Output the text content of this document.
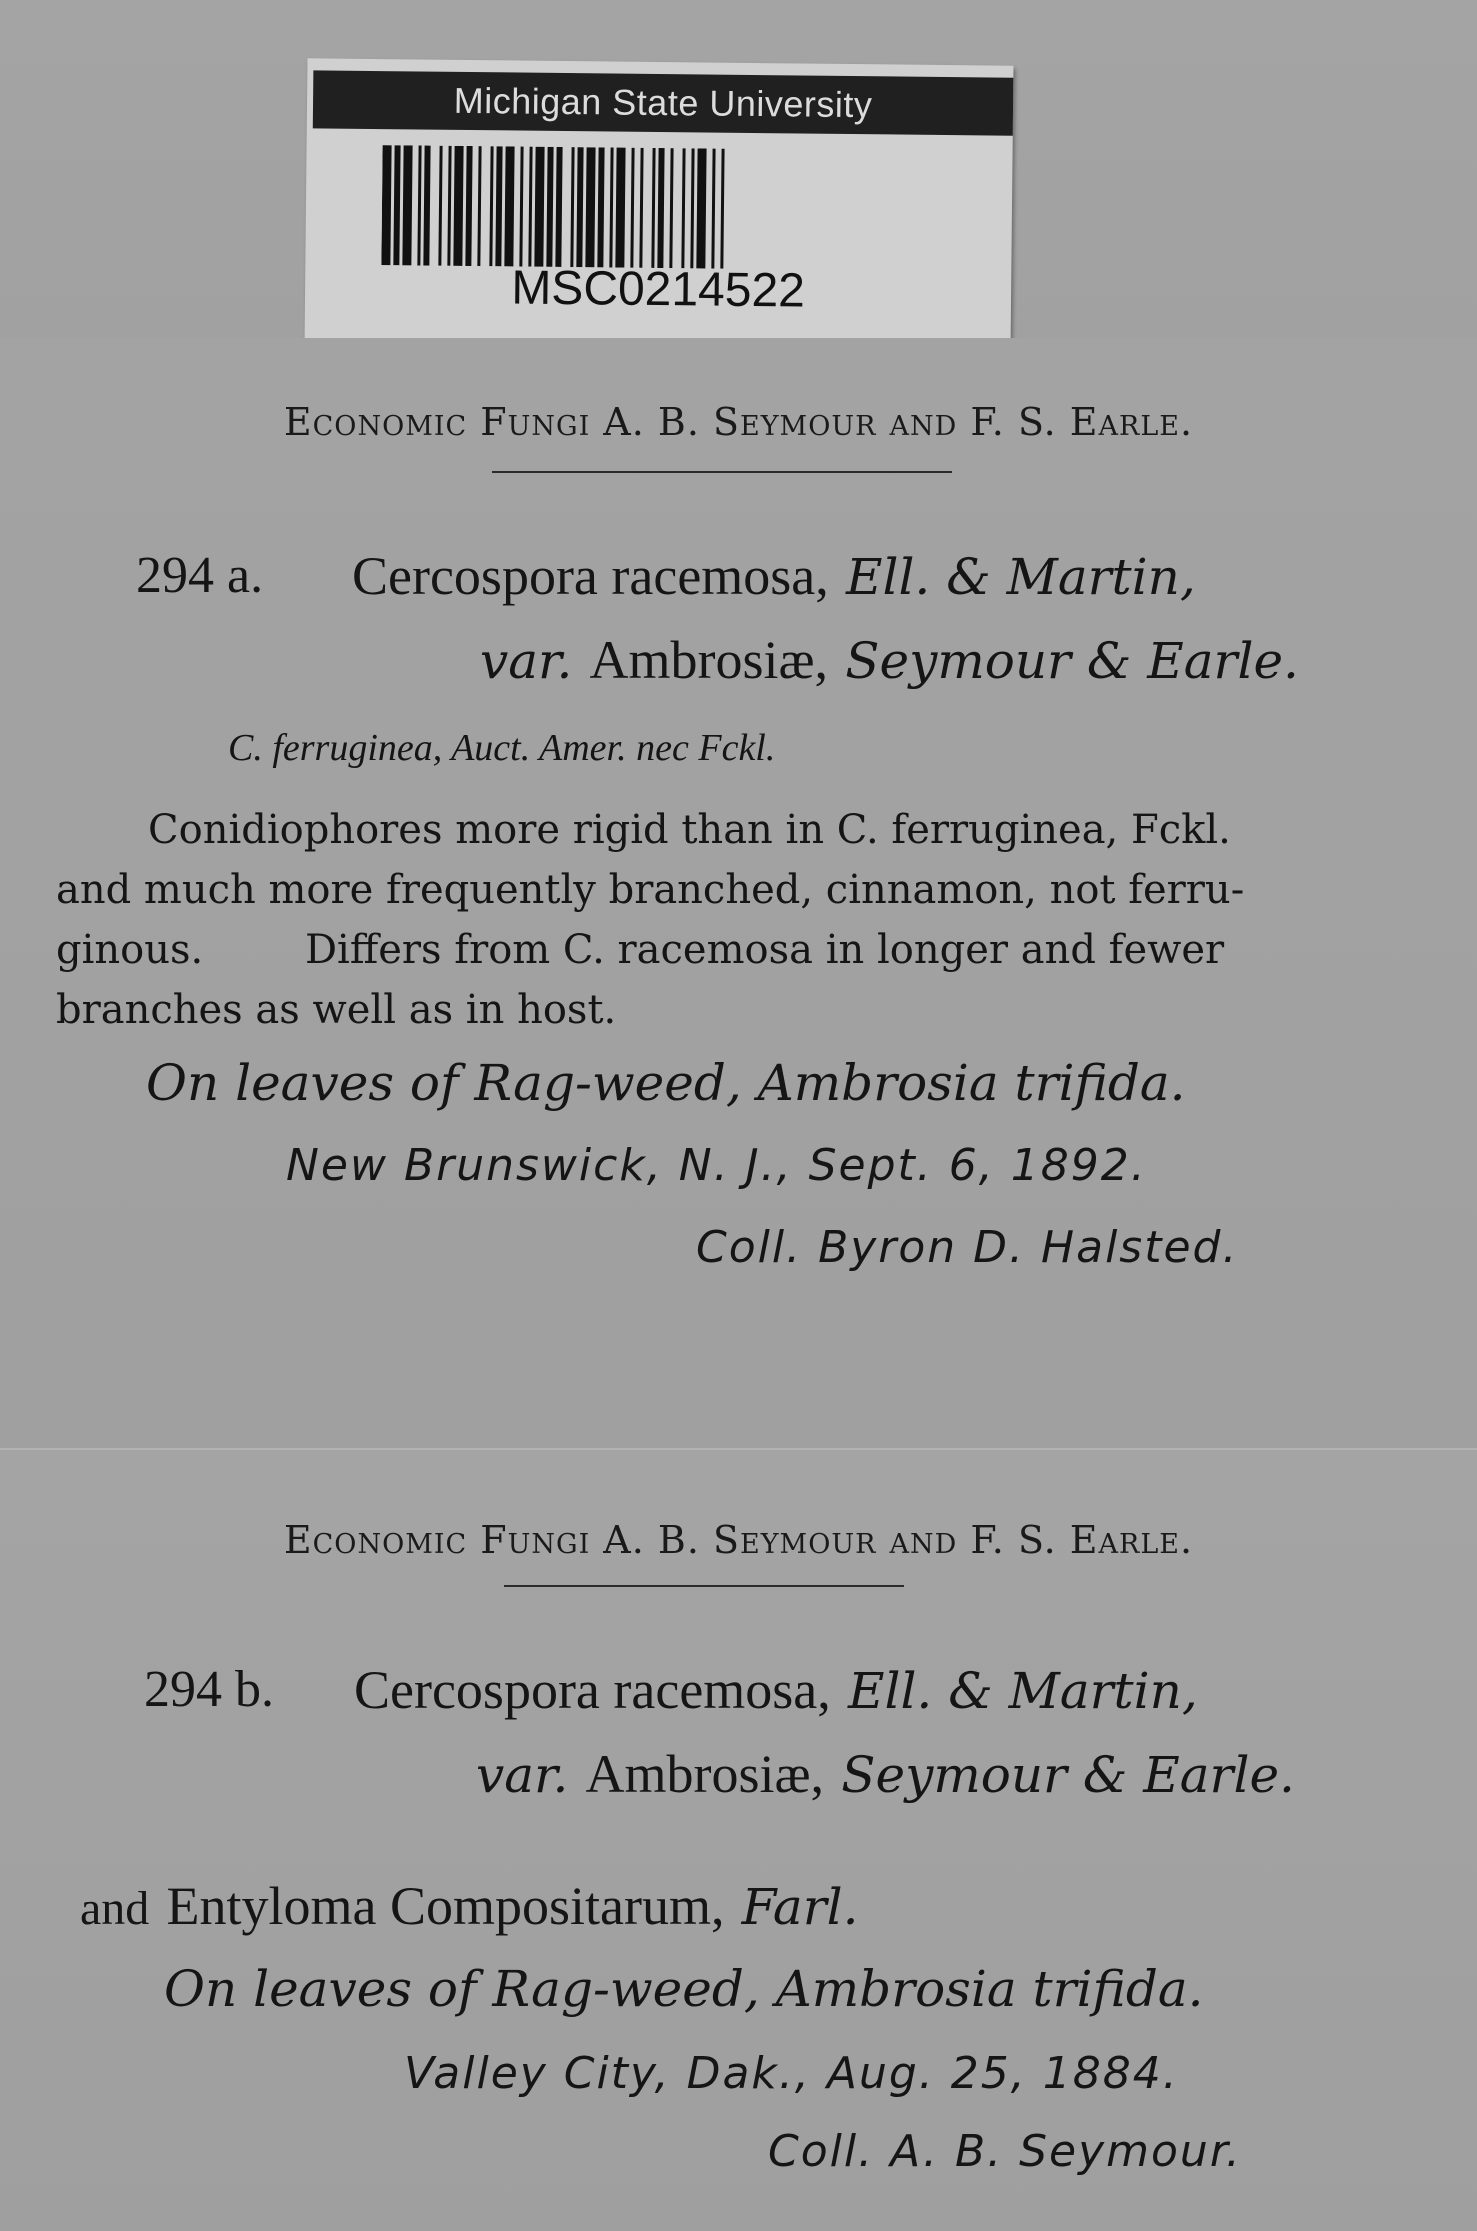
Michigan State University
MSC0214522
Economic Fungi A. B. Seymour and F. S. Earle.
294 a. Cercospora racemosa, Ell. & Martin,
var. Ambrosiæ, Seymour & Earle.
C. ferruginea, Auct. Amer. nec Fckl.
Conidiophores more rigid than in C. ferruginea, Fckl.
and much more frequently branched, cinnamon, not ferru-
ginous.        Differs from C. racemosa in longer and fewer
branches as well as in host.
On leaves of Rag-weed, Ambrosia trifida.
New Brunswick, N. J., Sept. 6, 1892.
Coll. Byron D. Halsted.
Economic Fungi A. B. Seymour and F. S. Earle.
294 b. Cercospora racemosa, Ell. & Martin,
var. Ambrosiæ, Seymour & Earle.
and Entyloma Compositarum, Farl.
On leaves of Rag-weed, Ambrosia trifida.
Valley City, Dak., Aug. 25, 1884.
Coll. A. B. Seymour.
